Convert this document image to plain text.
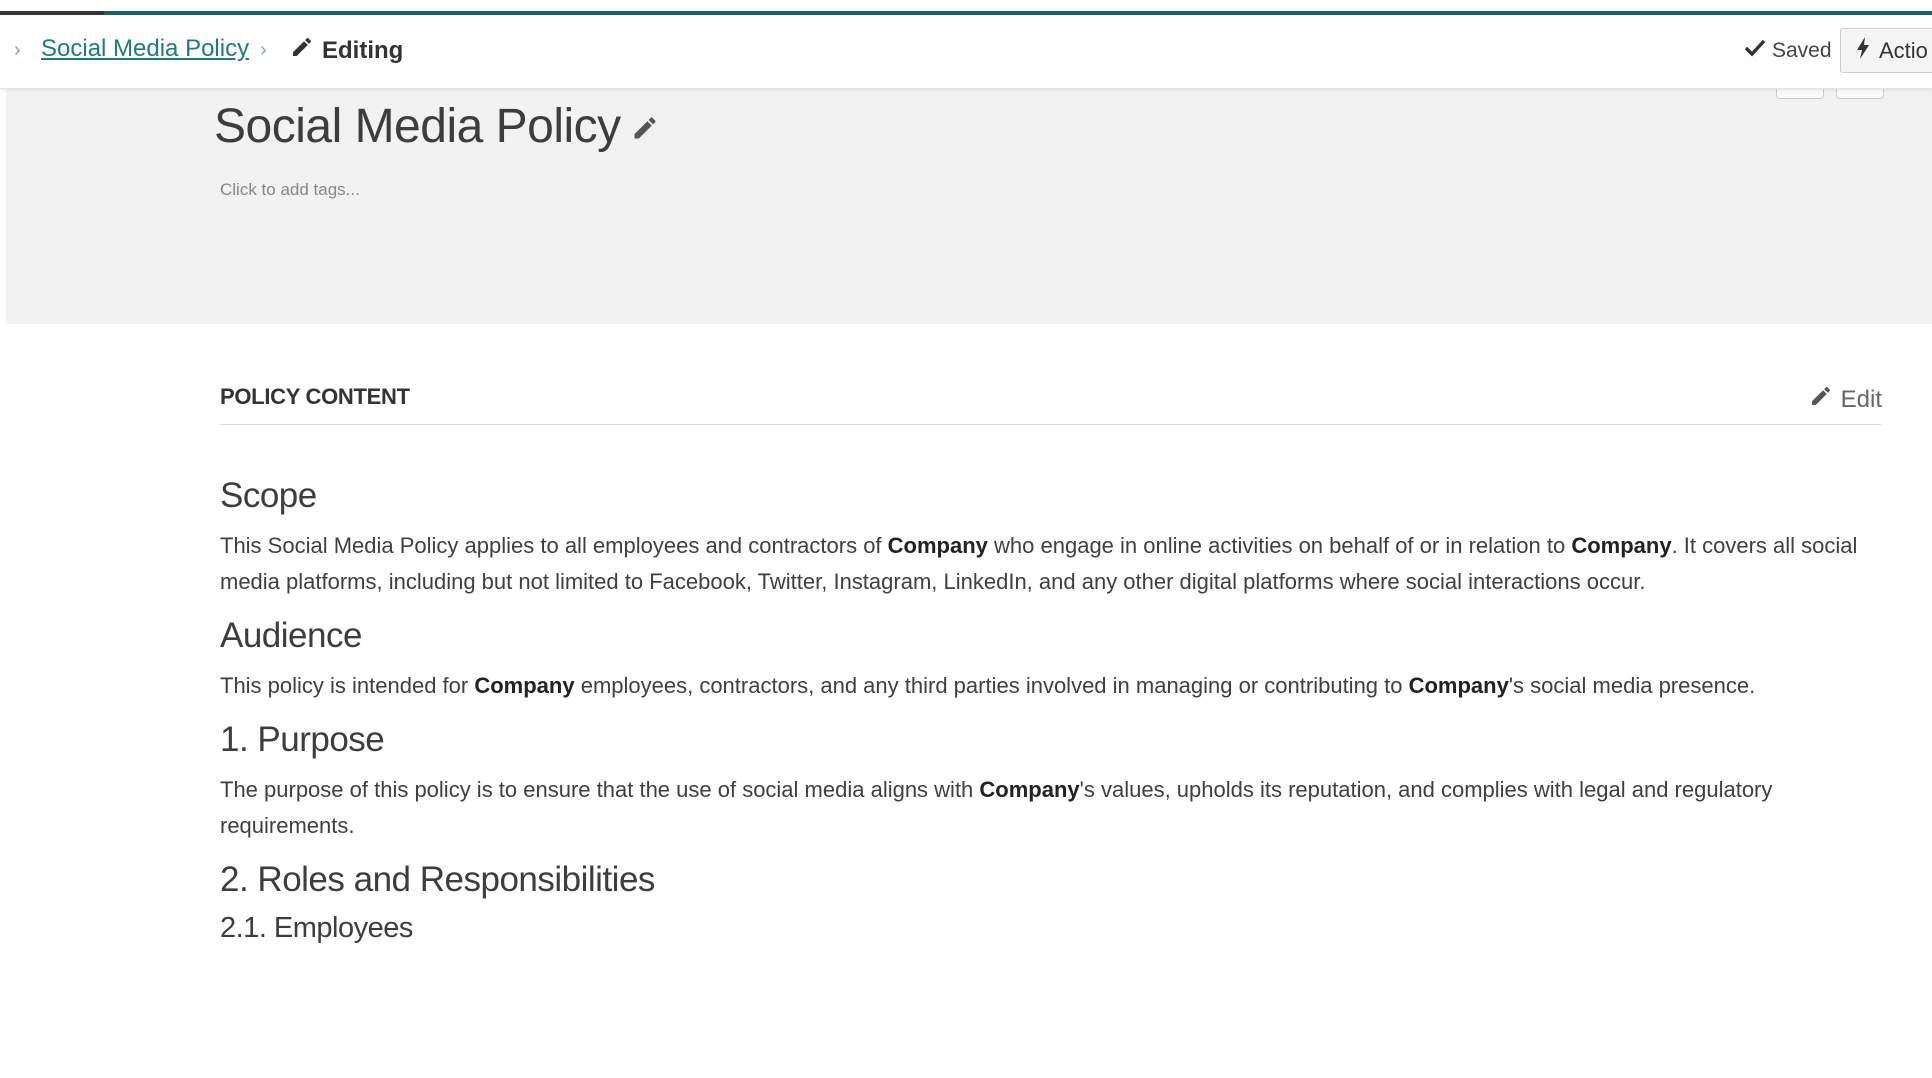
› Social Media Policy › Editing	Saved Actio
Social Media Policy
Click to add tags...
POLICY CONTENT	Edit
Scope

This Social Media Policy applies to all employees and contractors of Company who engage in online activities on behalf of or in relation to Company. It covers all social media platforms, including but not limited to Facebook, Twitter, Instagram, LinkedIn, and any other digital platforms where social interactions occur.

Audience

This policy is intended for Company employees, contractors, and any third parties involved in managing or contributing to Company's social media presence.

1. Purpose

The purpose of this policy is to ensure that the use of social media aligns with Company's values, upholds its reputation, and complies with legal and regulatory requirements.

2. Roles and Responsibilities
2.1. Employees
